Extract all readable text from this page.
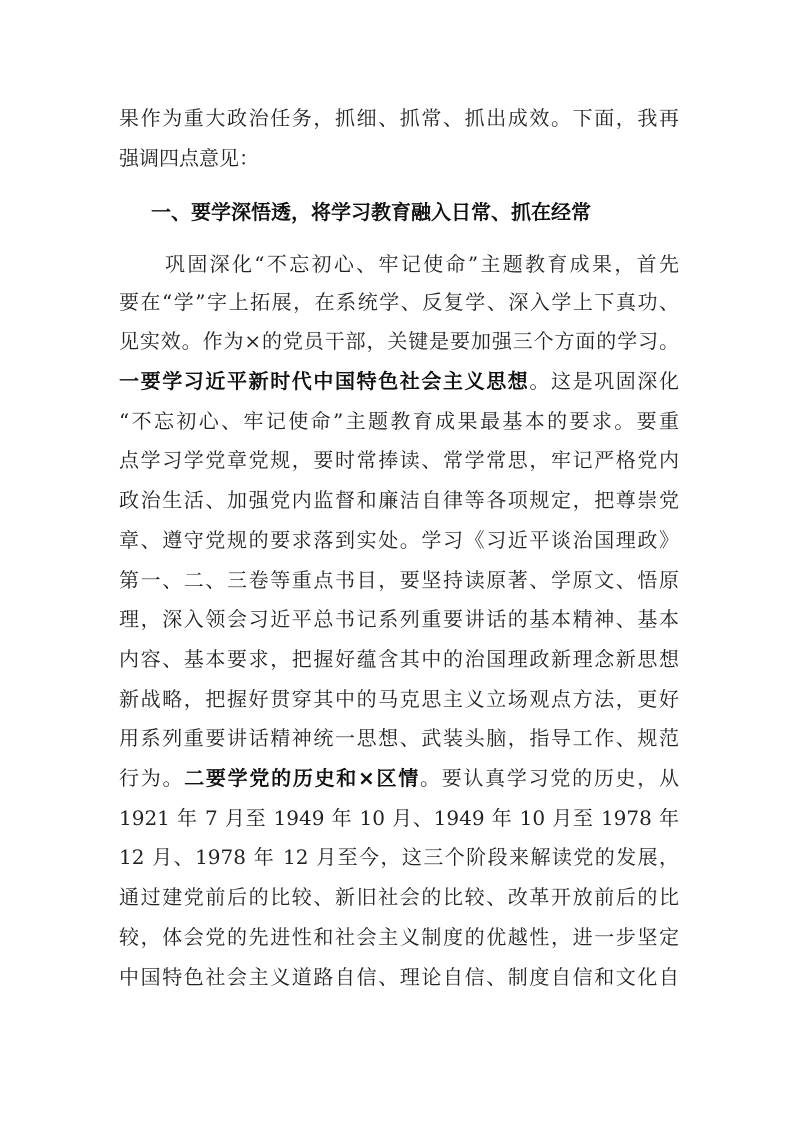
果作为重大政治任务，抓细、抓常、抓出成效。下面，我再
强调四点意见：
一、要学深悟透，将学习教育融入日常、抓在经常
巩固深化“不忘初心、牢记使命”主题教育成果，首先
要在“学”字上拓展，在系统学、反复学、深入学上下真功、
见实效。作为×的党员干部，关键是要加强三个方面的学习。
一要学习近平新时代中国特色社会主义思想。这是巩固深化
“不忘初心、牢记使命”主题教育成果最基本的要求。要重
点学习学党章党规，要时常捧读、常学常思，牢记严格党内
政治生活、加强党内监督和廉洁自律等各项规定，把尊崇党
章、遵守党规的要求落到实处。学习《习近平谈治国理政》
第一、二、三卷等重点书目，要坚持读原著、学原文、悟原
理，深入领会习近平总书记系列重要讲话的基本精神、基本
内容、基本要求，把握好蕴含其中的治国理政新理念新思想
新战略，把握好贯穿其中的马克思主义立场观点方法，更好
用系列重要讲话精神统一思想、武装头脑，指导工作、规范
行为。二要学党的历史和×区情。要认真学习党的历史，从
1921 年 7 月至 1949 年 10 月、1949 年 10 月至 1978 年
12 月、1978 年 12 月至今，这三个阶段来解读党的发展，
通过建党前后的比较、新旧社会的比较、改革开放前后的比
较，体会党的先进性和社会主义制度的优越性，进一步坚定
中国特色社会主义道路自信、理论自信、制度自信和文化自
